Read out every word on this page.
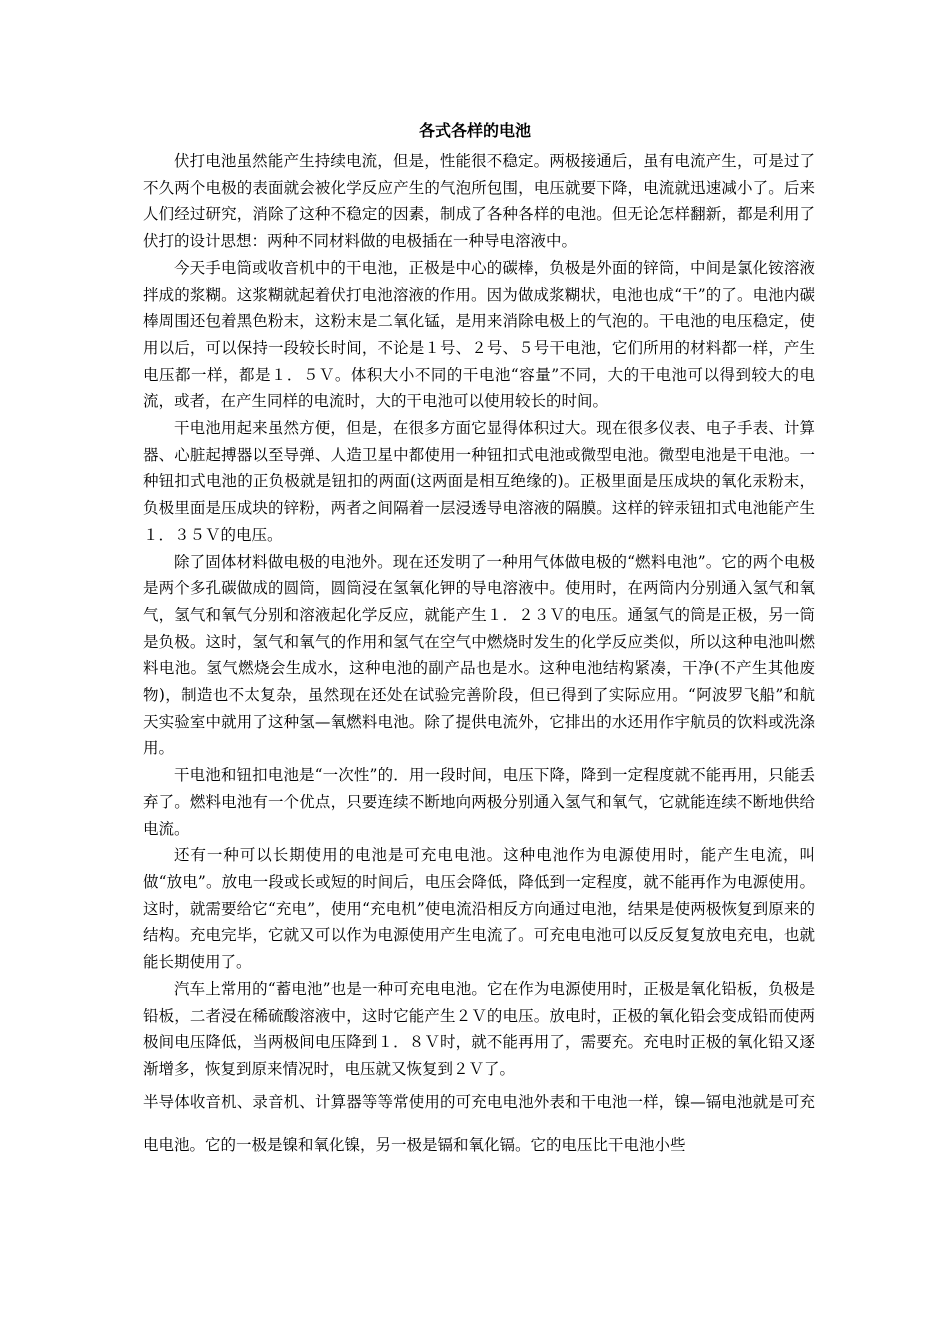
各式各样的电池

伏打电池虽然能产生持续电流，但是，性能很不稳定。两极接通后，虽有电流产生，可是过了不久两个电极的表面就会被化学反应产生的气泡所包围，电压就要下降，电流就迅速减小了。后来人们经过研究，消除了这种不稳定的因素，制成了各种各样的电池。但无论怎样翻新，都是利用了伏打的设计思想：两种不同材料做的电极插在一种导电溶液中。

今天手电筒或收音机中的干电池，正极是中心的碳棒，负极是外面的锌筒，中间是氯化铵溶液拌成的浆糊。这浆糊就起着伏打电池溶液的作用。因为做成浆糊状，电池也成“干”的了。电池内碳棒周围还包着黑色粉末，这粉末是二氧化锰，是用来消除电极上的气泡的。干电池的电压稳定，使用以后，可以保持一段较长时间，不论是１号、２号、５号干电池，它们所用的材料都一样，产生电压都一样，都是１．５Ｖ。体积大小不同的干电池“容量”不同，大的干电池可以得到较大的电流，或者，在产生同样的电流时，大的干电池可以使用较长的时间。

干电池用起来虽然方便，但是，在很多方面它显得体积过大。现在很多仪表、电子手表、计算器、心脏起搏器以至导弹、人造卫星中都使用一种钮扣式电池或微型电池。微型电池是干电池。一种钮扣式电池的正负极就是钮扣的两面(这两面是相互绝缘的)。正极里面是压成块的氧化汞粉末，负极里面是压成块的锌粉，两者之间隔着一层浸透导电溶液的隔膜。这样的锌汞钮扣式电池能产生１．３５Ｖ的电压。

除了固体材料做电极的电池外。现在还发明了一种用气体做电极的“燃料电池”。它的两个电极是两个多孔碳做成的圆筒，圆筒浸在氢氧化钾的导电溶液中。使用时，在两筒内分别通入氢气和氧气，氢气和氧气分别和溶液起化学反应，就能产生１．２３Ｖ的电压。通氢气的筒是正极，另一筒是负极。这时，氢气和氧气的作用和氢气在空气中燃烧时发生的化学反应类似，所以这种电池叫燃料电池。氢气燃烧会生成水，这种电池的副产品也是水。这种电池结构紧凑，干净(不产生其他废物)，制造也不太复杂，虽然现在还处在试验完善阶段，但已得到了实际应用。“阿波罗飞船”和航天实验室中就用了这种氢—氧燃料电池。除了提供电流外，它排出的水还用作宇航员的饮料或洗涤用。

干电池和钮扣电池是“一次性”的．用一段时间，电压下降，降到一定程度就不能再用，只能丢弃了。燃料电池有一个优点，只要连续不断地向两极分别通入氢气和氧气，它就能连续不断地供给电流。

还有一种可以长期使用的电池是可充电电池。这种电池作为电源使用时，能产生电流，叫做“放电”。放电一段或长或短的时间后，电压会降低，降低到一定程度，就不能再作为电源使用。这时，就需要给它“充电”，使用“充电机”使电流沿相反方向通过电池，结果是使两极恢复到原来的结构。充电完毕，它就又可以作为电源使用产生电流了。可充电电池可以反反复复放电充电，也就能长期使用了。

汽车上常用的“蓄电池”也是一种可充电电池。它在作为电源使用时，正极是氧化铅板，负极是铅板，二者浸在稀硫酸溶液中，这时它能产生２Ｖ的电压。放电时，正极的氧化铅会变成铅而使两极间电压降低，当两极间电压降到１．８Ｖ时，就不能再用了，需要充。充电时正极的氧化铅又逐渐增多，恢复到原来情况时，电压就又恢复到２Ｖ了。

半导体收音机、录音机、计算器等等常使用的可充电电池外表和干电池一样，镍—镉电池就是可充电电池。它的一极是镍和氧化镍，另一极是镉和氧化镉。它的电压比干电池小些
